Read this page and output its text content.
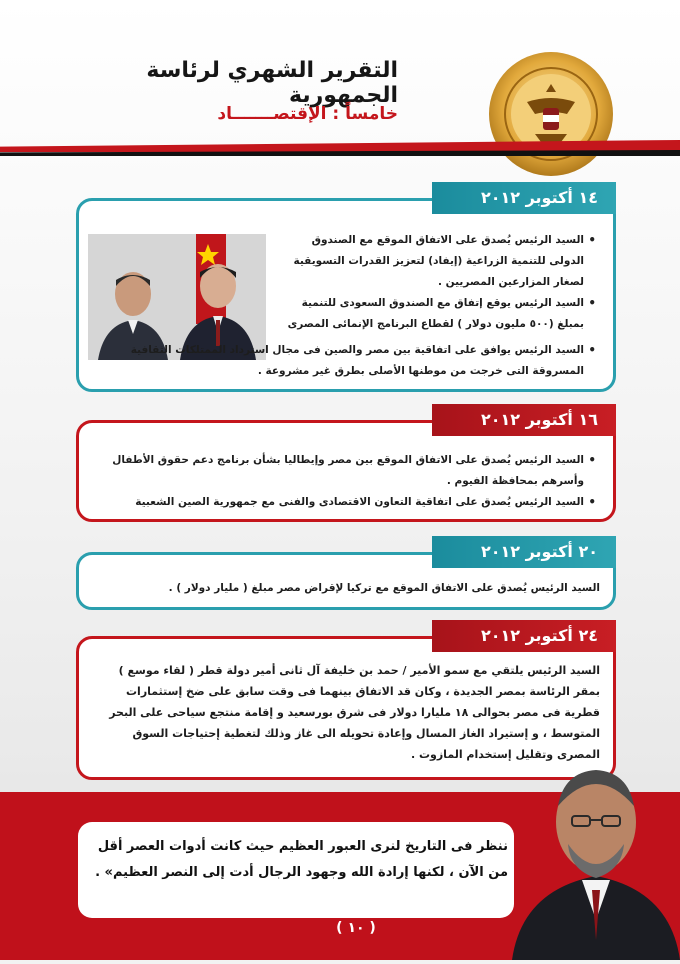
التقرير الشهري لرئاسة الجمهورية
خامساً : الإقتصـــــــاد
١٤ أكتوبر ٢٠١٢
• السيد الرئيس يُصدق على الاتفاق الموقع مع الصندوق الدولى للتنمية الزراعية (إيفاد) لتعزيز القدرات التسويقية لصغار المزارعين المصريين .
• السيد الرئيس يوقع إتفاق مع الصندوق السعودى للتنمية بمبلغ (٥٠٠ مليون دولار ) لقطاع البرنامج الإنمائى المصرى
• السيد الرئيس يوافق على اتفاقية بين مصر والصين فى مجال استرداد الممتلكات الثقافية المسروقة التى خرجت من موطنها الأصلى بطرق غير مشروعة .
١٦ أكتوبر ٢٠١٢
• السيد الرئيس يُصدق على الاتفاق الموقع بين مصر وإيطاليا بشأن برنامج دعم حقوق الأطفال وأسرهم بمحافظة الفيوم .
• السيد الرئيس يُصدق على اتفاقية التعاون الاقتصادى والفنى مع جمهورية الصين الشعبية
٢٠ أكتوبر ٢٠١٢
السيد الرئيس يُصدق على الاتفاق الموقع مع تركيا لإقراض مصر مبلغ ( مليار دولار ) .
٢٤ أكتوبر ٢٠١٢
السيد الرئيس يلتقي مع سمو الأمير / حمد بن خليفة آل ثانى أمير دولة قطر ( لقاء موسع ) بمقر الرئاسة بمصر الجديدة ، وكان قد الاتفاق بينهما فى وقت سابق على ضخ إستثمارات قطرية فى مصر بحوالى ١٨ مليارا دولار فى شرق بورسعيد و إقامة منتجع سياحى على البحر المتوسط ، و إستيراد الغاز المسال وإعادة تحويله الى غاز وذلك لتغطية إحتياجات السوق المصرى وتقليل إستخدام المازوت .
ننظر فى التاريخ لنرى العبور العظيم حيث كانت أدوات العصر أقل من الآن ، لكنها إرادة الله وجهود الرجال أدت إلى النصر العظيم» .
( ١٠ )
